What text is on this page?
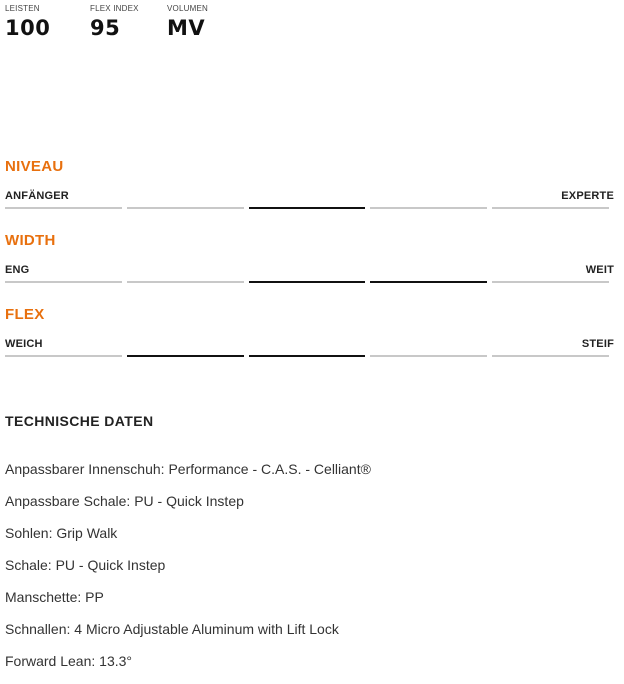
LEISTEN
100
FLEX INDEX
95
VOLUMEN
MV
NIVEAU
ANFÄNGER	EXPERTE
WIDTH
ENG	WEIT
FLEX
WEICH	STEIF
TECHNISCHE DATEN
Anpassbarer Innenschuh: Performance - C.A.S. - Celliant®
Anpassbare Schale: PU - Quick Instep
Sohlen: Grip Walk
Schale: PU - Quick Instep
Manschette: PP
Schnallen: 4 Micro Adjustable Aluminum with Lift Lock
Forward Lean: 13.3°
